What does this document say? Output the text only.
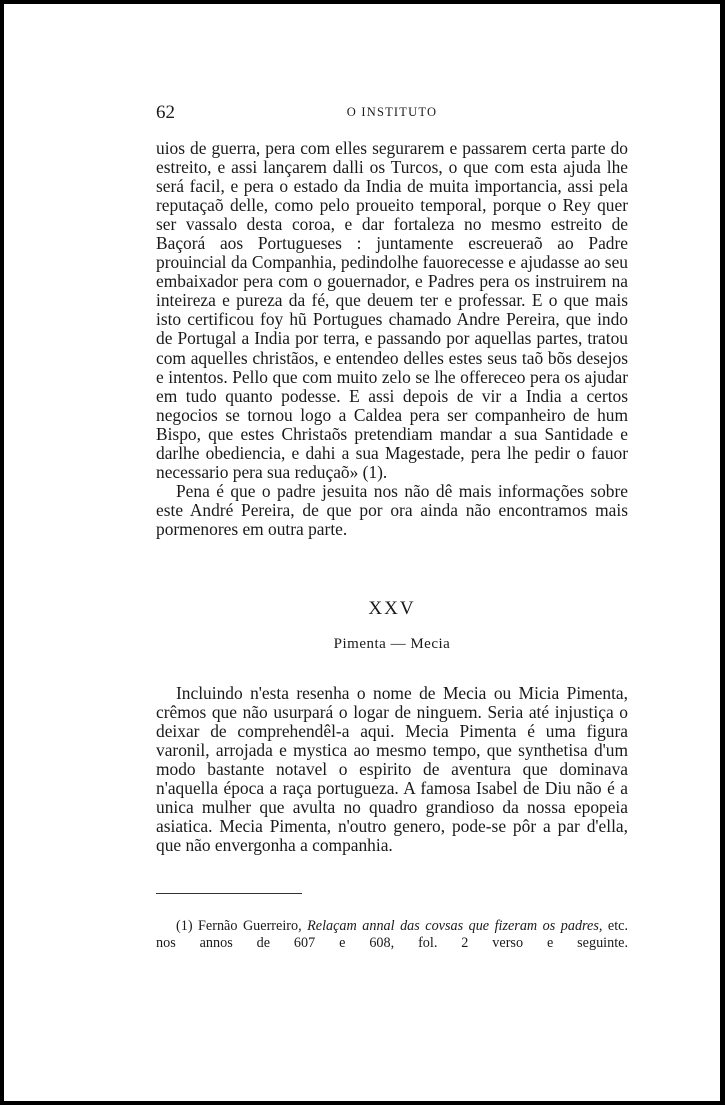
62	O INSTITUTO

uios de guerra, pera com elles segurarem e passarem certa parte do estreito, e assi lançarem dalli os Turcos, o que com esta ajuda lhe será facil, e pera o estado da India de muita importancia, assi pela reputaçaõ delle, como pelo proueito temporal, porque o Rey quer ser vassalo desta coroa, e dar fortaleza no mesmo estreito de Baçorá aos Portugueses : juntamente escreueraõ ao Padre prouincial da Companhia, pedindolhe fauorecesse e ajudasse ao seu embaixador pera com o gouernador, e Padres pera os instruirem na inteireza e pureza da fé, que deuem ter e professar. E o que mais isto certificou foy hũ Portugues chamado Andre Pereira, que indo de Portugal a India por terra, e passando por aquellas partes, tratou com aquelles christãos, e entendeo delles estes seus taõ bõs desejos e intentos. Pello que com muito zelo se lhe offereceo pera os ajudar em tudo quanto podesse. E assi depois de vir a India a certos negocios se tornou logo a Caldea pera ser companheiro de hum Bispo, que estes Christaõs pretendiam mandar a sua Santidade e darlhe obediencia, e dahi a sua Magestade, pera lhe pedir o fauor necessario pera sua reduçaõ» (1).

Pena é que o padre jesuita nos não dê mais informações sobre este André Pereira, de que por ora ainda não encontramos mais pormenores em outra parte.

XXV
Pimenta — Mecia

Incluindo n'esta resenha o nome de Mecia ou Micia Pimenta, crêmos que não usurpará o logar de ninguem. Seria até injustiça o deixar de comprehendêl-a aqui. Mecia Pimenta é uma figura varonil, arrojada e mystica ao mesmo tempo, que synthetisa d'um modo bastante notavel o espirito de aventura que dominava n'aquella época a raça portugueza. A famosa Isabel de Diu não é a unica mulher que avulta no quadro grandioso da nossa epopeia asiatica. Mecia Pimenta, n'outro genero, pode-se pôr a par d'ella, que não envergonha a companhia.

(1) Fernão Guerreiro, Relaçam annal das covsas que fizeram os padres, etc. nos annos de 607 e 608, fol. 2 verso e seguinte.
